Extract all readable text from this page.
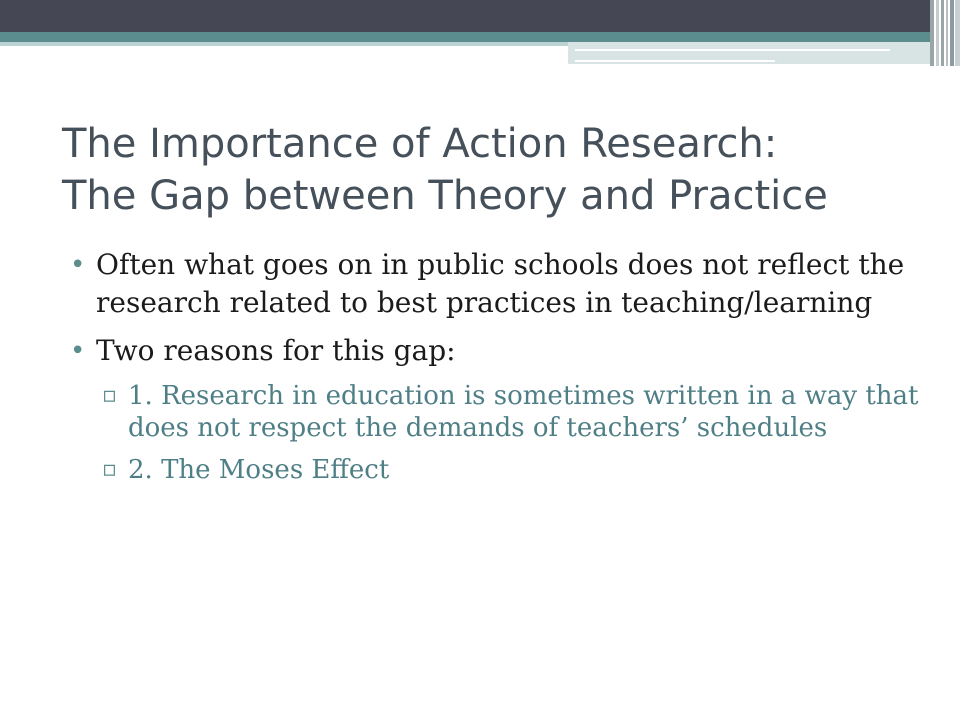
The Importance of Action Research:
The Gap between Theory and Practice
• Often what goes on in public schools does not reflect the research related to best practices in teaching/learning
• Two reasons for this gap:
▫ 1. Research in education is sometimes written in a way that does not respect the demands of teachers’ schedules
▫ 2. The Moses Effect
